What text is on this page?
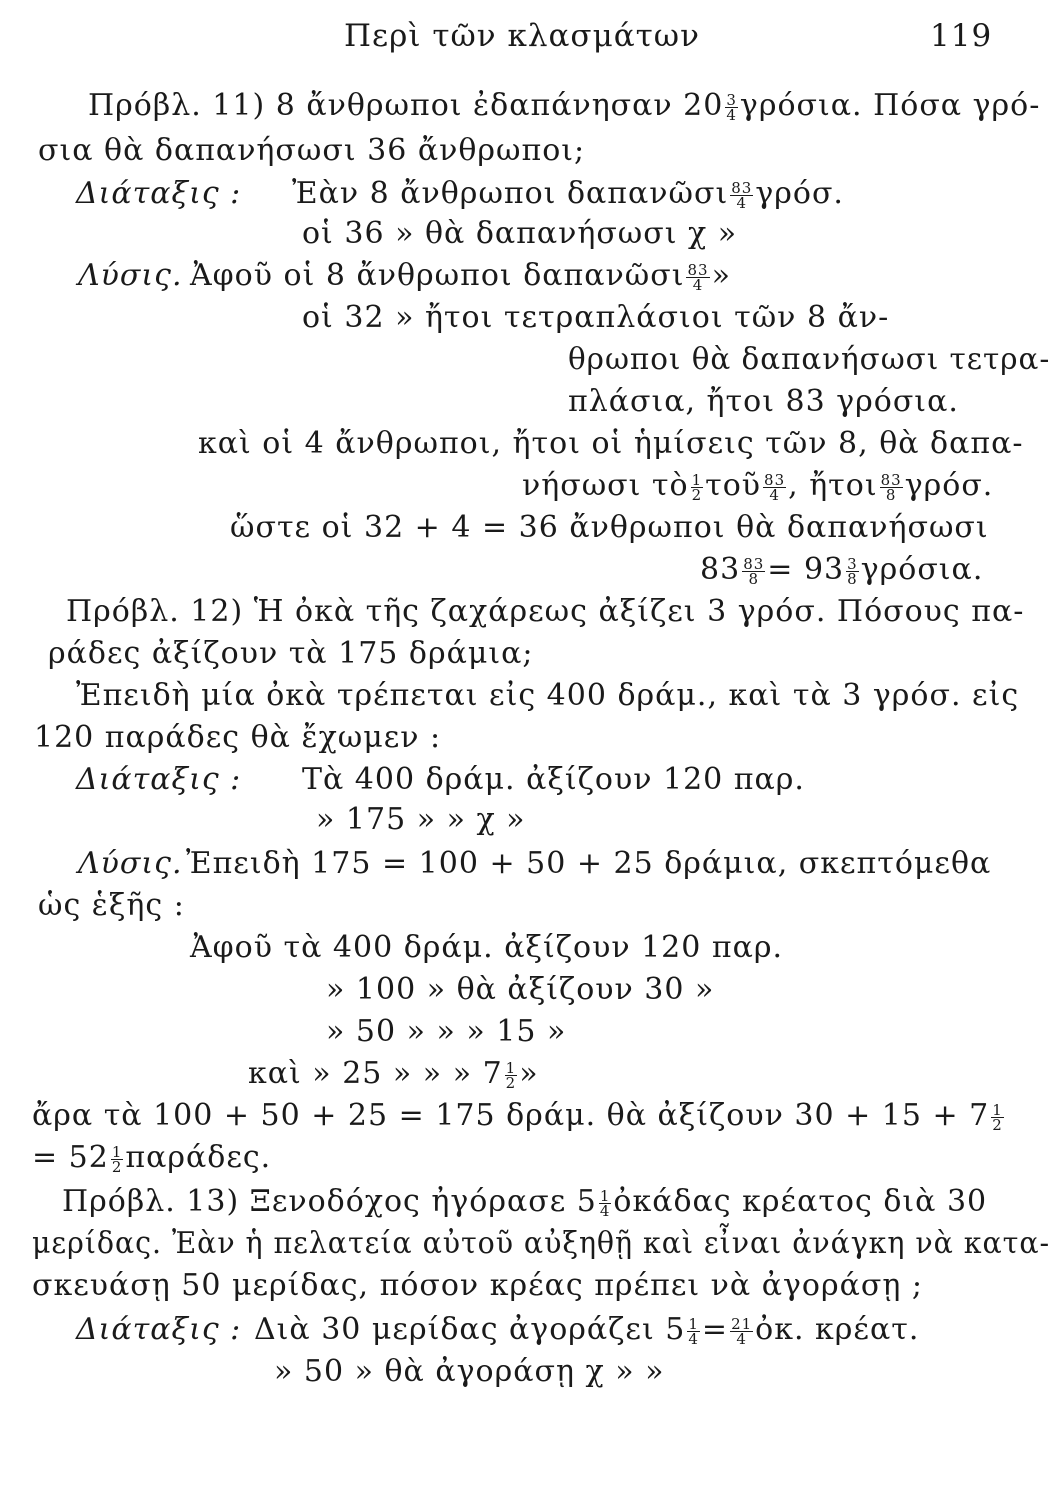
Περὶ τῶν κλασμάτων	119
Πρόβλ. 11) 8 ἄνθρωποι ἐδαπάνησαν $20 \frac{3}{4} \gamma\rho ό\sigma\iota\alpha$. Πόσα γρό-
σια θὰ δαπανήσωσι 36 ἄνθρωποι;
Διάταξις : Ἐὰν 8 ἄνθρωποι δαπανῶσι $\frac{83}{4} \gamma\rho ό\sigma$.
οἱ 36 » θὰ δαπανήσωσι χ »
Λύσις. Ἀφοῦ οἱ 8 ἄνθρωποι δαπανῶσι $\frac{83}{4}$ »
οἱ 32 » ἤτοι τετραπλάσιοι τῶν 8 ἄν-
θρωποι θὰ δαπανήσωσι τετρα-
πλάσια, ἤτοι 83 γρόσια.
καὶ οἱ 4 ἄνθρωποι, ἤτοι οἱ ἡμίσεις τῶν 8, θὰ δαπα-
νήσωσι τὸ $\frac{1}{2}$ τοῦ $\frac{83}{4}$ , ἤτοι $\frac{83}{8} \gamma\rho ό\sigma$.
ὥστε οἱ 32 + 4 = 36 ἄνθρωποι θὰ δαπανήσωσι
$83 \frac{83}{8} = 93 \frac{3}{8} \gamma\rho ό\sigma\iota\alpha$.
Πρόβλ. 12) Ἡ ὀκὰ τῆς ζαχάρεως ἀξίζει 3 γρόσ. Πόσους πα-
ράδες ἀξίζουν τὰ 175 δράμια;
Ἐπειδὴ μία ὀκὰ τρέπεται εἰς 400 δράμ., καὶ τὰ 3 γρόσ. εἰς
120 παράδες θὰ ἔχωμεν :
Διάταξις : Τὰ 400 δράμ. ἀξίζουν 120 παρ.
» 175 » » χ »
Λύσις. Ἐπειδὴ 175 = 100 + 50 + 25 δράμια, σκεπτόμεθα
ὡς ἑξῆς :
Ἀφοῦ τὰ 400 δράμ. ἀξίζουν 120 παρ.
» 100 » θὰ ἀξίζουν 30 »
» 50 » » » 15 »
καὶ » 25 » » » $7 \frac{1}{2}$ »
ἄρα τὰ 100 + 50 + 25 = 175 δράμ. θὰ ἀξίζουν $30 + 15 + 7 \frac{1}{2}$
= $52 \frac{1}{2} \pi\alpha\rho ά\delta\varepsilon\varsigma$.
Πρόβλ. 13) Ξενοδόχος ἠγόρασε $5 \frac{1}{4}$ ὀκάδας κρέατος διὰ 30
μερίδας. Ἐὰν ἡ πελατεία αὐτοῦ αὐξηθῇ καὶ εἶναι ἀνάγκη νὰ κατα-
σκευάσῃ 50 μερίδας, πόσον κρέας πρέπει νὰ ἀγοράσῃ ;
Διάταξις : Διὰ 30 μερίδας ἀγοράζει $5 \frac{1}{4} = \frac{21}{4}$ ὀκ. κρέατ.
» 50 » θὰ ἀγοράσῃ χ » »
